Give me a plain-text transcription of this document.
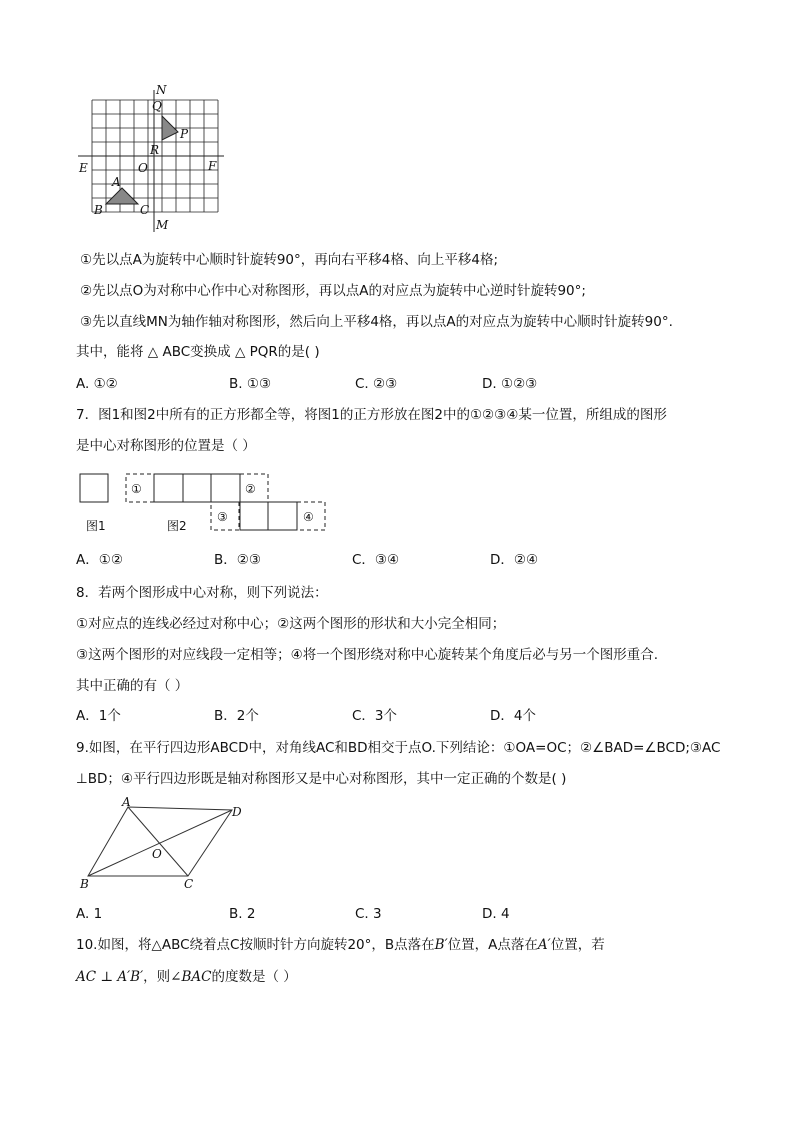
N
Q
P
R
E	O	F
A
B	C
M
①先以点A为旋转中心顺时针旋转90°，再向右平移4格、向上平移4格;
②先以点O为对称中心作中心对称图形，再以点A的对应点为旋转中心逆时针旋转90°;
③先以直线MN为轴作轴对称图形，然后向上平移4格，再以点A的对应点为旋转中心顺时针旋转90°.
其中，能将 △ ABC变换成 △ PQR的是( )
A. ①②	B. ①③	C. ②③	D. ①②③
7．图1和图2中所有的正方形都全等，将图1的正方形放在图2中的①②③④某一位置，所组成的图形
是中心对称图形的位置是（ ）
①	②
③	④
图1	图2
A．①②	B．②③	C．③④	D．②④
8．若两个图形成中心对称，则下列说法：
①对应点的连线必经过对称中心；②这两个图形的形状和大小完全相同；
③这两个图形的对应线段一定相等；④将一个图形绕对称中心旋转某个角度后必与另一个图形重合.
其中正确的有（ ）
A．1个	B．2个	C．3个	D．4个
9.如图，在平行四边形ABCD中，对角线AC和BD相交于点O.下列结论：①OA=OC；②∠BAD=∠BCD;③AC
⊥BD；④平行四边形既是轴对称图形又是中心对称图形，其中一定正确的个数是( )
A
D
O
B	C
A. 1	B. 2	C. 3	D. 4
10.如图，将△ABC绕着点C按顺时针方向旋转20°，B点落在B′位置，A点落在A′位置，若
AC ⊥ A′B′，则∠BAC的度数是（ ）
